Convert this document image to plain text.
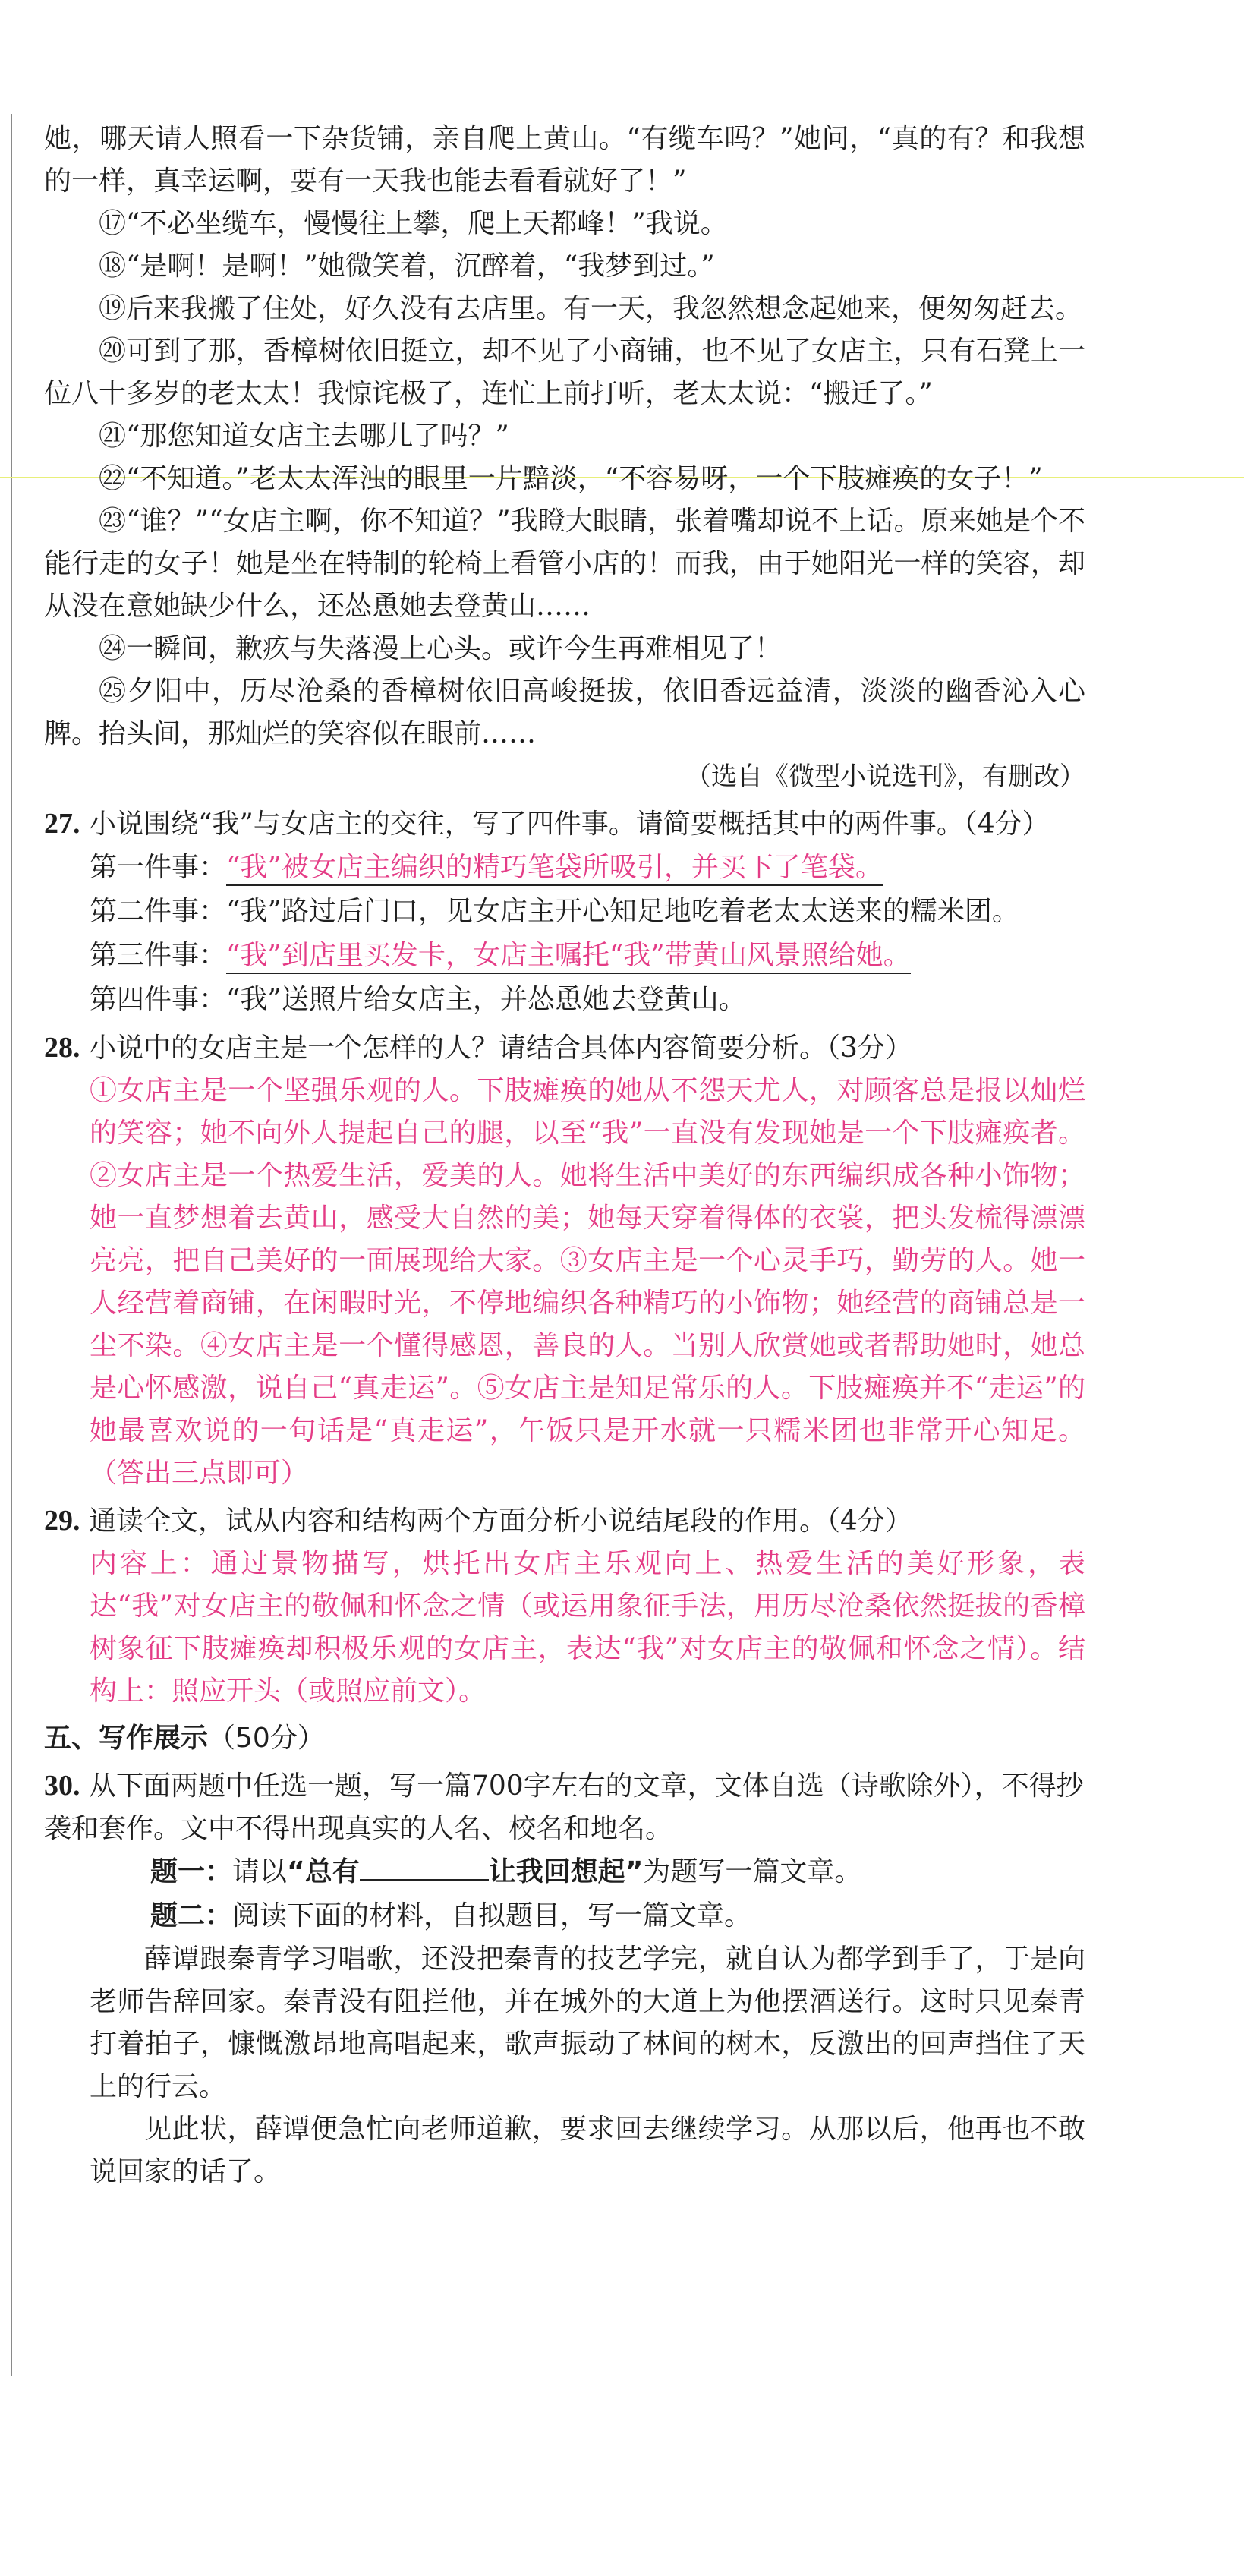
她，哪天请人照看一下杂货铺，亲自爬上黄山。“有缆车吗？”她问，“真的有？和我想的一样，真幸运啊，要有一天我也能去看看就好了！”

⑰“不必坐缆车，慢慢往上攀，爬上天都峰！”我说。

⑱“是啊！是啊！”她微笑着，沉醉着，“我梦到过。”

⑲后来我搬了住处，好久没有去店里。有一天，我忽然想念起她来，便匆匆赶去。

⑳可到了那，香樟树依旧挺立，却不见了小商铺，也不见了女店主，只有石凳上一位八十多岁的老太太！我惊诧极了，连忙上前打听，老太太说：“搬迁了。”

㉑“那您知道女店主去哪儿了吗？”

㉒“不知道。”老太太浑浊的眼里一片黯淡，“不容易呀，一个下肢瘫痪的女子！”

㉓“谁？”“女店主啊，你不知道？”我瞪大眼睛，张着嘴却说不上话。原来她是个不能行走的女子！她是坐在特制的轮椅上看管小店的！而我，由于她阳光一样的笑容，却从没在意她缺少什么，还怂恿她去登黄山……

㉔一瞬间，歉疚与失落漫上心头。或许今生再难相见了！

㉕夕阳中，历尽沧桑的香樟树依旧高峻挺拔，依旧香远益清，淡淡的幽香沁入心脾。抬头间，那灿烂的笑容似在眼前……

（选自《微型小说选刊》，有删改）

27. 小说围绕“我”与女店主的交往，写了四件事。请简要概括其中的两件事。（4分）

第一件事：“我”被女店主编织的精巧笔袋所吸引，并买下了笔袋。

第二件事：“我”路过后门口，见女店主开心知足地吃着老太太送来的糯米团。

第三件事：“我”到店里买发卡，女店主嘱托“我”带黄山风景照给她。

第四件事：“我”送照片给女店主，并怂恿她去登黄山。

28. 小说中的女店主是一个怎样的人？请结合具体内容简要分析。（3分）

①女店主是一个坚强乐观的人。下肢瘫痪的她从不怨天尤人，对顾客总是报以灿烂的笑容；她不向外人提起自己的腿，以至“我”一直没有发现她是一个下肢瘫痪者。②女店主是一个热爱生活，爱美的人。她将生活中美好的东西编织成各种小饰物；她一直梦想着去黄山，感受大自然的美；她每天穿着得体的衣裳，把头发梳得漂漂亮亮，把自己美好的一面展现给大家。③女店主是一个心灵手巧，勤劳的人。她一人经营着商铺，在闲暇时光，不停地编织各种精巧的小饰物；她经营的商铺总是一尘不染。④女店主是一个懂得感恩，善良的人。当别人欣赏她或者帮助她时，她总是心怀感激，说自己“真走运”。⑤女店主是知足常乐的人。下肢瘫痪并不“走运”的她最喜欢说的一句话是“真走运”，午饭只是开水就一只糯米团也非常开心知足。（答出三点即可）

29. 通读全文，试从内容和结构两个方面分析小说结尾段的作用。（4分）

内容上：通过景物描写，烘托出女店主乐观向上、热爱生活的美好形象，表达“我”对女店主的敬佩和怀念之情（或运用象征手法，用历尽沧桑依然挺拔的香樟树象征下肢瘫痪却积极乐观的女店主，表达“我”对女店主的敬佩和怀念之情）。结构上：照应开头（或照应前文）。

五、写作展示（50分）

30. 从下面两题中任选一题，写一篇700字左右的文章，文体自选（诗歌除外），不得抄袭和套作。文中不得出现真实的人名、校名和地名。

题一：请以“总有	让我回想起”为题写一篇文章。

题二：阅读下面的材料，自拟题目，写一篇文章。

薛谭跟秦青学习唱歌，还没把秦青的技艺学完，就自认为都学到手了，于是向老师告辞回家。秦青没有阻拦他，并在城外的大道上为他摆酒送行。这时只见秦青打着拍子，慷慨激昂地高唱起来，歌声振动了林间的树木，反激出的回声挡住了天上的行云。

见此状，薛谭便急忙向老师道歉，要求回去继续学习。从那以后，他再也不敢说回家的话了。
